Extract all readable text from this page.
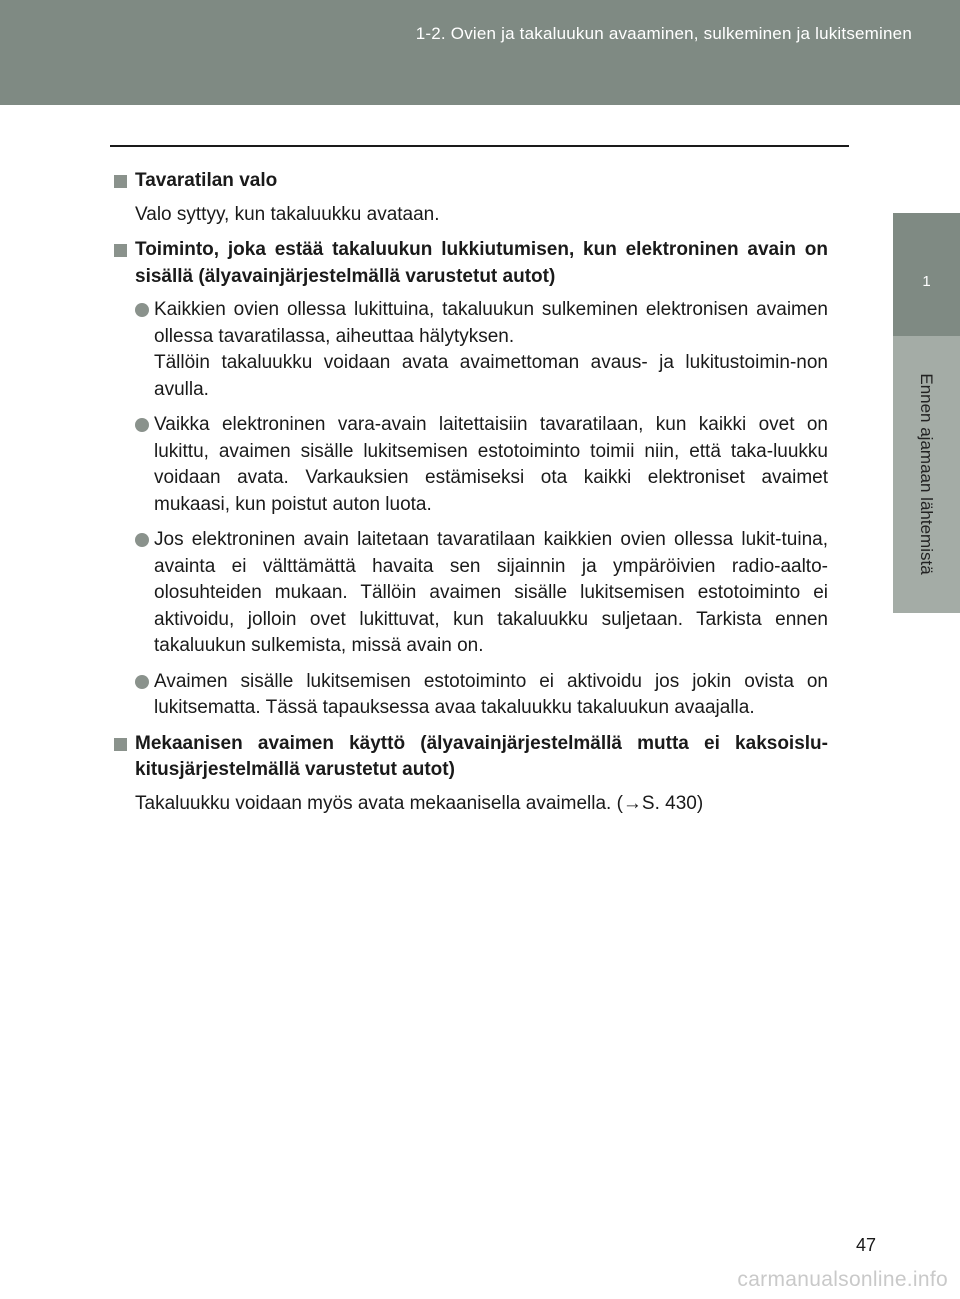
1-2. Ovien ja takaluukun avaaminen, sulkeminen ja lukitseminen
1
Ennen ajamaan lähtemistä
Tavaratilan valo
Valo syttyy, kun takaluukku avataan.
Toiminto, joka estää takaluukun lukkiutumisen, kun elektroninen avain on sisällä (älyavainjärjestelmällä varustetut autot)
Kaikkien ovien ollessa lukittuina, takaluukun sulkeminen elektronisen avaimen ollessa tavaratilassa, aiheuttaa hälytyksen.
Tällöin takaluukku voidaan avata avaimettoman avaus- ja lukitustoimin-non avulla.
Vaikka elektroninen vara-avain laitettaisiin tavaratilaan, kun kaikki ovet on lukittu, avaimen sisälle lukitsemisen estotoiminto toimii niin, että taka-luukku voidaan avata. Varkauksien estämiseksi ota kaikki elektroniset avaimet mukaasi, kun poistut auton luota.
Jos elektroninen avain laitetaan tavaratilaan kaikkien ovien ollessa lukit-tuina, avainta ei välttämättä havaita sen sijainnin ja ympäröivien radio-aalto-olosuhteiden mukaan. Tällöin avaimen sisälle lukitsemisen estotoiminto ei aktivoidu, jolloin ovet lukittuvat, kun takaluukku suljetaan. Tarkista ennen takaluukun sulkemista, missä avain on.
Avaimen sisälle lukitsemisen estotoiminto ei aktivoidu jos jokin ovista on lukitsematta. Tässä tapauksessa avaa takaluukku takaluukun avaajalla.
Mekaanisen avaimen käyttö (älyavainjärjestelmällä mutta ei kaksoislu-kitusjärjestelmällä varustetut autot)
Takaluukku voidaan myös avata mekaanisella avaimella. (→S. 430)
47
carmanualsonline.info
